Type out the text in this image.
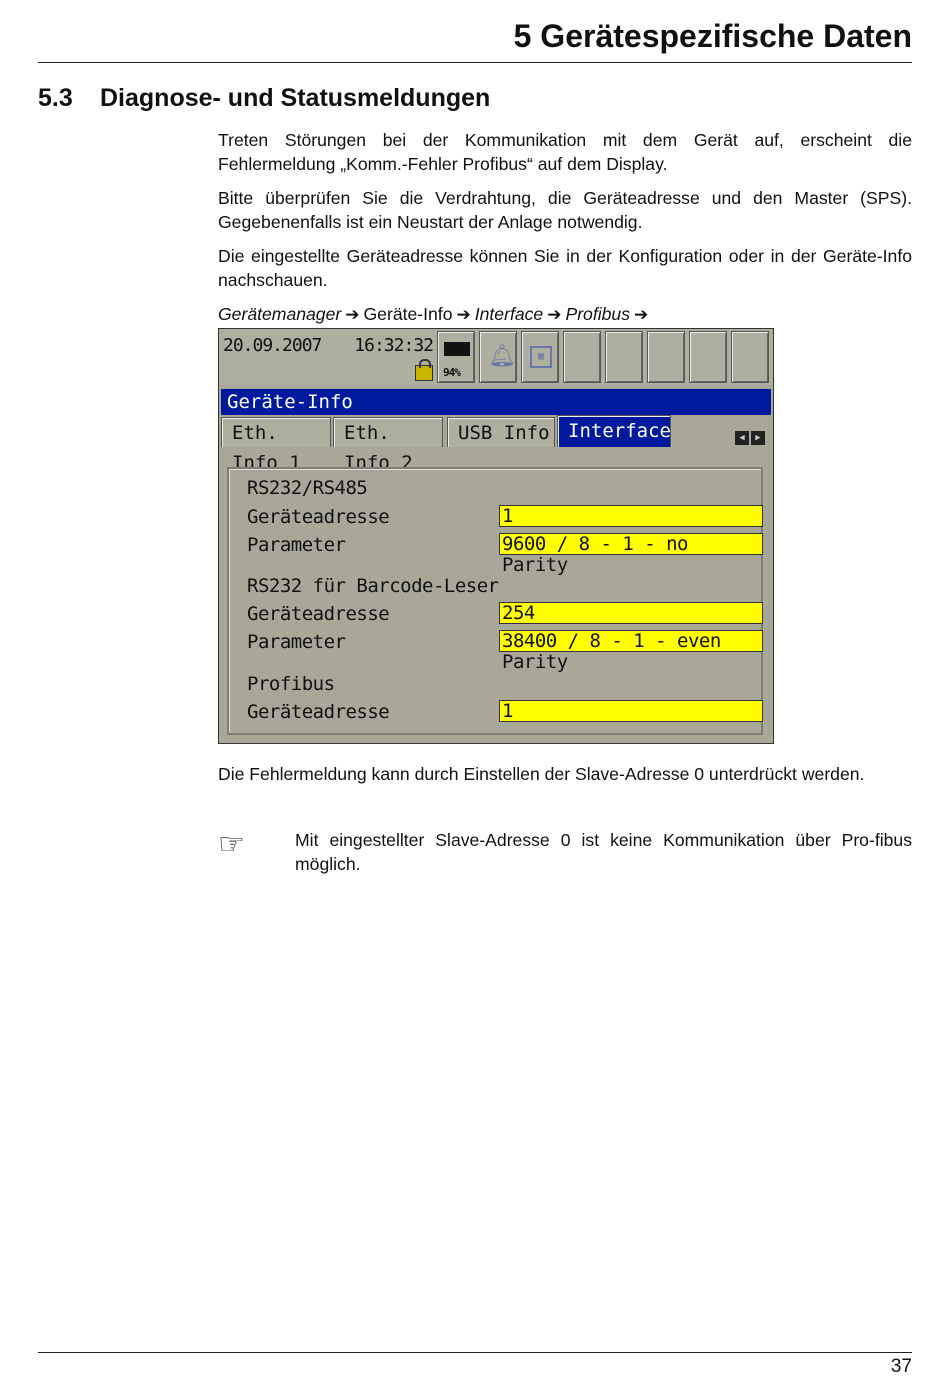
5 Gerätespezifische Daten
5.3 Diagnose- und Statusmeldungen
Treten Störungen bei der Kommunikation mit dem Gerät auf, erscheint die Fehlermeldung „Komm.-Fehler Profibus“ auf dem Display.
Bitte überprüfen Sie die Verdrahtung, die Geräteadresse und den Master (SPS). Gegebenenfalls ist ein Neustart der Anlage notwendig.
Die eingestellte Geräteadresse können Sie in der Konfiguration oder in der Geräte-Info nachschauen.
Gerätemanager ➔ Geräte-Info ➔ Interface ➔ Profibus ➔
20.09.2007 16:32:32
94%
🔔︎	▦
Geräte-Info
Eth. Info 1
Eth. Info 2
USB Info Interface	◀	▶
RS232/RS485
Geräteadresse	1
Parameter	9600 / 8 - 1 - no Parity
RS232 für Barcode-Leser
Geräteadresse	254
Parameter	38400 / 8 - 1 - even Parity
Profibus
Geräteadresse	1
Die Fehlermeldung kann durch Einstellen der Slave-Adresse 0 unterdrückt werden.
☞	Mit eingestellter Slave-Adresse 0 ist keine Kommunikation über Pro-fibus möglich.
37
